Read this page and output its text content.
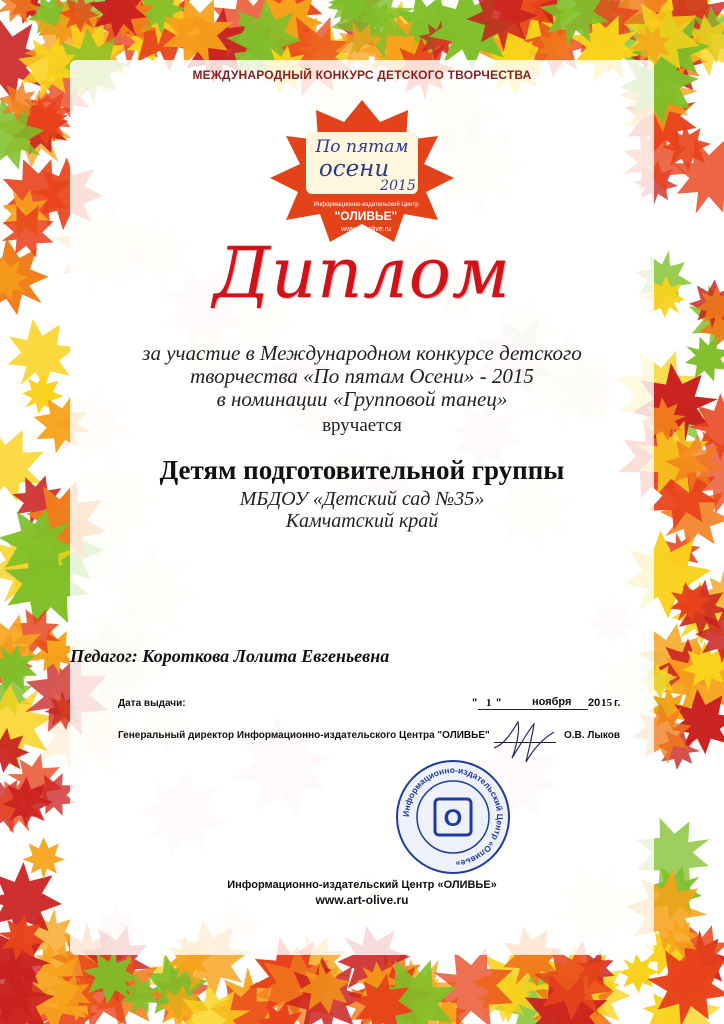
МЕЖДУНАРОДНЫЙ КОНКУРС ДЕТСКОГО ТВОРЧЕСТВА
По пятам
осени
2015
Информационно-издательский Центр
"ОЛИВЬЕ"
www.art-olive.ru
Диплом
за участие в Международном конкурсе детского
творчества «По пятам Осени» - 2015
в номинации «Групповой танец»
вручается
Детям подготовительной группы
МБДОУ «Детский сад №35»
Камчатский край
Педагог: Короткова Лолита Евгеньевна
Дата выдачи:	" 1 "	ноября 20 15 г.
Генеральный директор Информационно-издательского Центра "ОЛИВЬЕ"	О.В. Лыков
Информационно-издательский Центр «Оливье»
О
Информационно-издательский Центр «ОЛИВЬЕ»
www.art-olive.ru
